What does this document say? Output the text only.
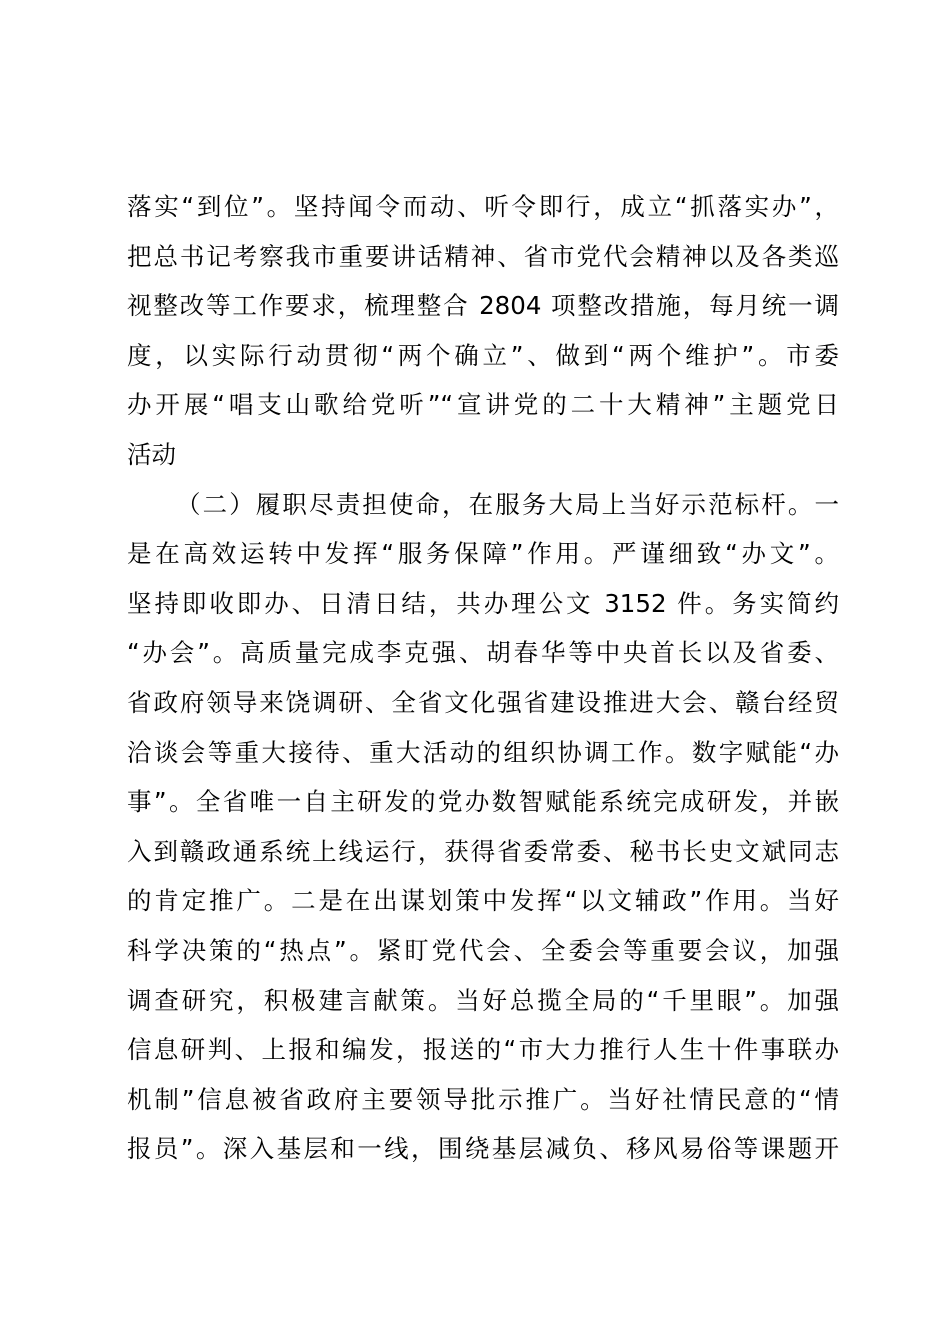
落实“到位”。坚持闻令而动、听令即行，成立“抓落实办”，
把总书记考察我市重要讲话精神、省市党代会精神以及各类巡
视整改等工作要求，梳理整合 2804 项整改措施，每月统一调
度，以实际行动贯彻“两个确立”、做到“两个维护”。市委
办开展“唱支山歌给党听”“宣讲党的二十大精神”主题党日
活动
（二）履职尽责担使命，在服务大局上当好示范标杆。一
是在高效运转中发挥“服务保障”作用。严谨细致“办文”。
坚持即收即办、日清日结，共办理公文 3152 件。务实简约
“办会”。高质量完成李克强、胡春华等中央首长以及省委、
省政府领导来饶调研、全省文化强省建设推进大会、赣台经贸
洽谈会等重大接待、重大活动的组织协调工作。数字赋能“办
事”。全省唯一自主研发的党办数智赋能系统完成研发，并嵌
入到赣政通系统上线运行，获得省委常委、秘书长史文斌同志
的肯定推广。二是在出谋划策中发挥“以文辅政”作用。当好
科学决策的“热点”。紧盯党代会、全委会等重要会议，加强
调查研究，积极建言献策。当好总揽全局的“千里眼”。加强
信息研判、上报和编发，报送的“市大力推行人生十件事联办
机制”信息被省政府主要领导批示推广。当好社情民意的“情
报员”。深入基层和一线，围绕基层减负、移风易俗等课题开
